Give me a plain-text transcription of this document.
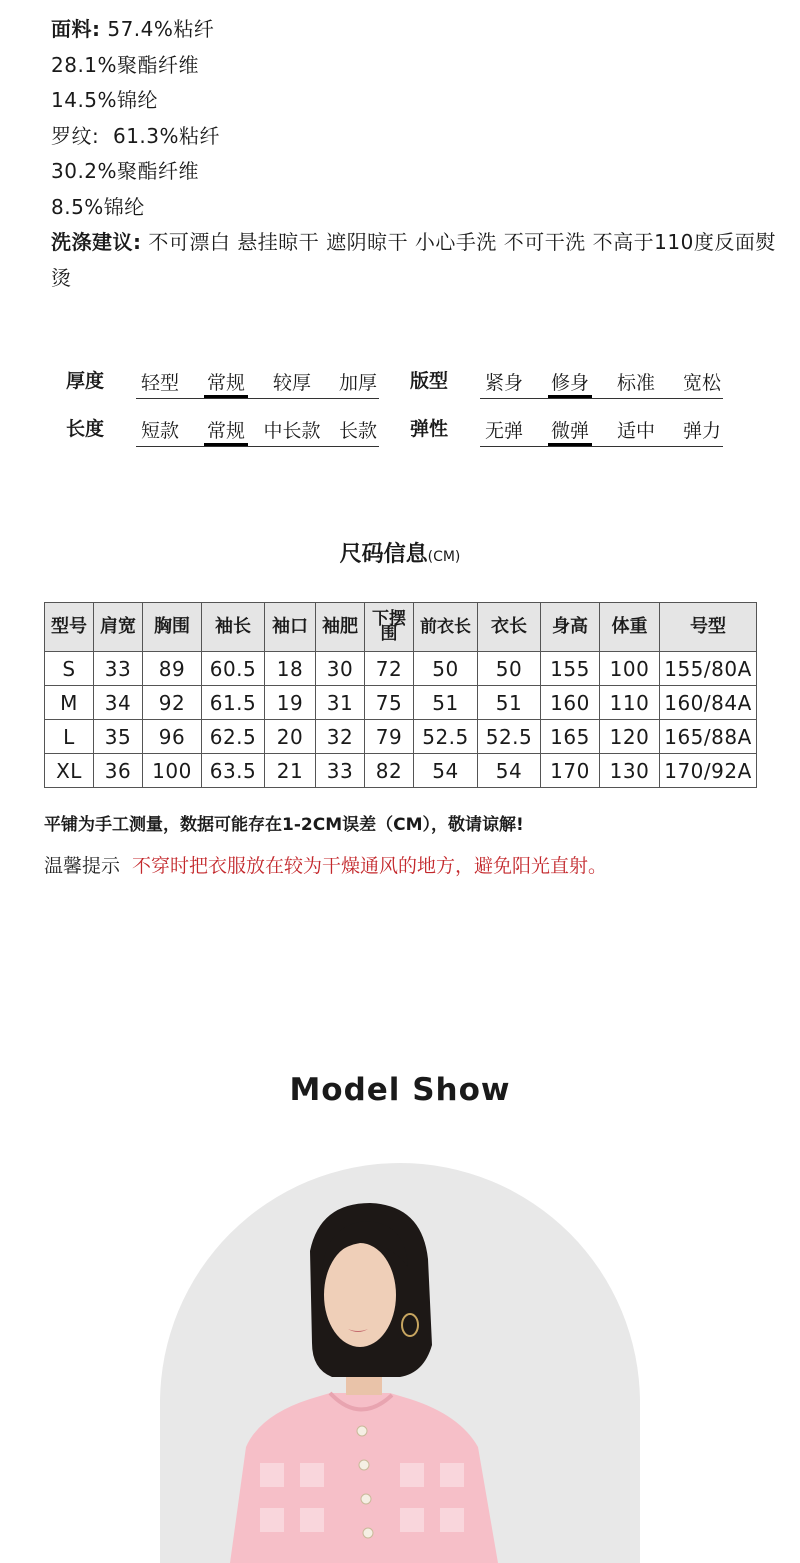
面料: 57.4%粘纤

28.1%聚酯纤维

14.5%锦纶

罗纹: 61.3%粘纤

30.2%聚酯纤维

8.5%锦纶

洗涤建议: 不可漂白 悬挂晾干 遮阴晾干 小心手洗 不可干洗 不高于110度反面熨烫

厚度	轻型	常规	较厚	加厚	版型	紧身	修身	标准	宽松
长度	短款	常规 中长款 长款	弹性	无弹	微弹	适中	弹力
尺码信息(CM)
型号	肩宽	胸围	袖长	袖口	袖肥	下摆围	前衣长	衣长	身高	体重	号型
S	33	89	60.5	18	30	72	50	50	155	100	155/80A
M	34	92	61.5	19	31	75	51	51	160	110	160/84A
L	35	96	62.5	20	32	79	52.5	52.5	165	120	165/88A
XL	36	100	63.5	21	33	82	54	54	170	130	170/92A
平铺为手工测量，数据可能存在1-2CM误差（CM），敬请谅解!
温馨提示 不穿时把衣服放在较为干燥通风的地方，避免阳光直射。
Model Show
